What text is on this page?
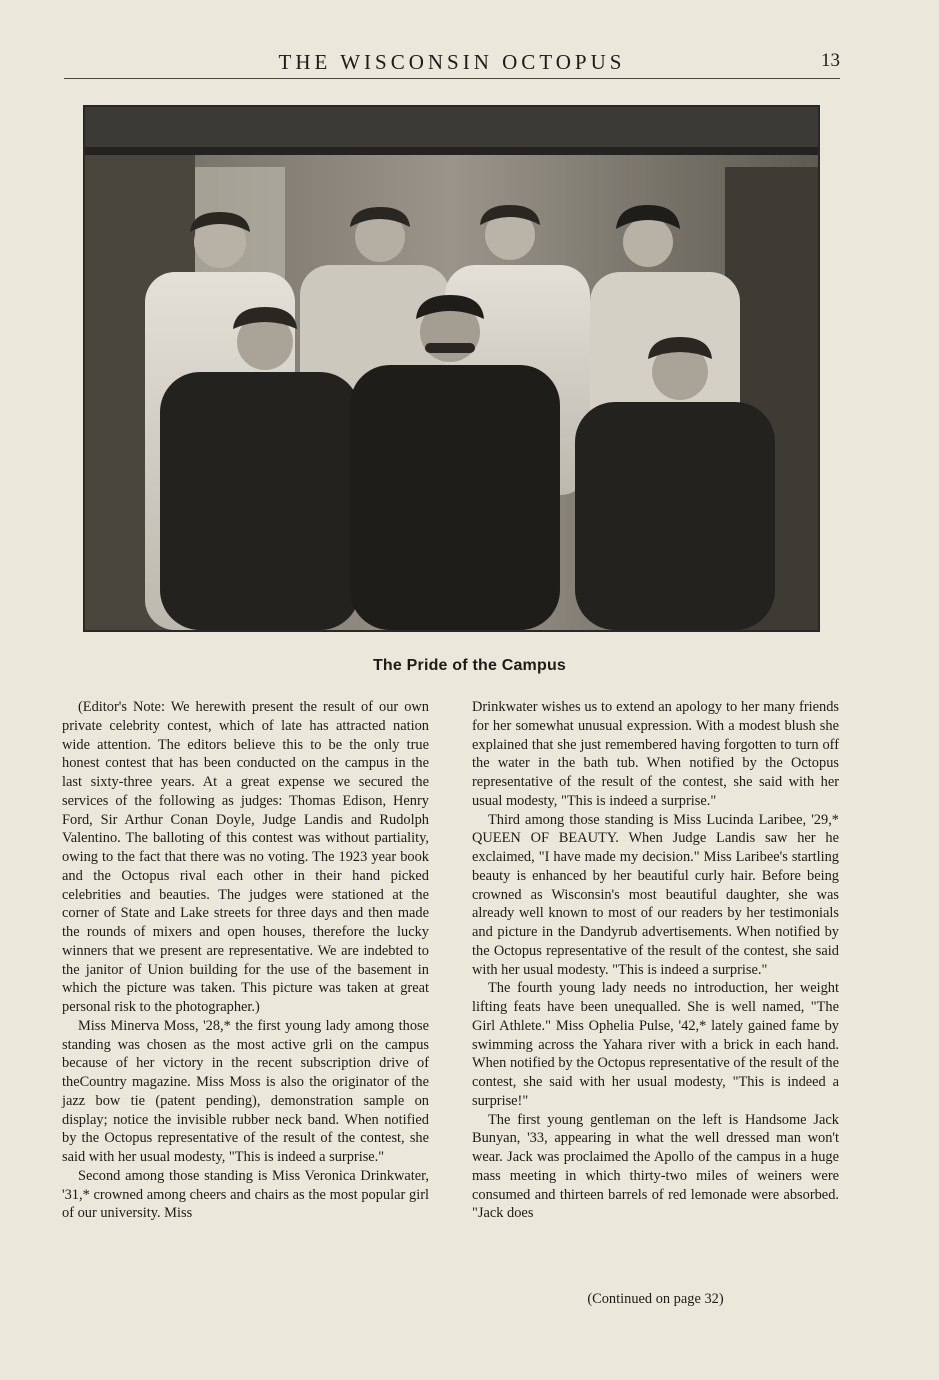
THE WISCONSIN OCTOPUS	13
The Pride of the Campus

(Editor's Note: We herewith present the result of our own private celebrity contest, which of late has attracted nation wide attention. The editors believe this to be the only true honest contest that has been conducted on the campus in the last sixty-three years. At a great expense we secured the services of the following as judges: Thomas Edison, Henry Ford, Sir Arthur Conan Doyle, Judge Landis and Rudolph Valentino. The balloting of this contest was without partiality, owing to the fact that there was no voting. The 1923 year book and the Octopus rival each other in their hand picked celebrities and beauties. The judges were stationed at the corner of State and Lake streets for three days and then made the rounds of mixers and open houses, therefore the lucky winners that we present are representative. We are indebted to the janitor of Union building for the use of the basement in which the picture was taken. This picture was taken at great personal risk to the photographer.)

Miss Minerva Moss, '28,* the first young lady among those standing was chosen as the most active grli on the campus because of her victory in the recent subscription drive of theCountry magazine. Miss Moss is also the originator of the jazz bow tie (patent pending), demonstration sample on display; notice the invisible rubber neck band. When notified by the Octopus representative of the result of the contest, she said with her usual modesty, "This is indeed a surprise."

Second among those standing is Miss Veronica Drinkwater, '31,* crowned among cheers and chairs as the most popular girl of our university. Miss

Drinkwater wishes us to extend an apology to her many friends for her somewhat unusual expression. With a modest blush she explained that she just remembered having forgotten to turn off the water in the bath tub. When notified by the Octopus representative of the result of the contest, she said with her usual modesty, "This is indeed a surprise."

Third among those standing is Miss Lucinda Laribee, '29,* QUEEN OF BEAUTY. When Judge Landis saw her he exclaimed, "I have made my decision." Miss Laribee's startling beauty is enhanced by her beautiful curly hair. Before being crowned as Wisconsin's most beautiful daughter, she was already well known to most of our readers by her testimonials and picture in the Dandyrub advertisements. When notified by the Octopus representative of the result of the contest, she said with her usual modesty. "This is indeed a surprise."

The fourth young lady needs no introduction, her weight lifting feats have been unequalled. She is well named, "The Girl Athlete." Miss Ophelia Pulse, '42,* lately gained fame by swimming across the Yahara river with a brick in each hand. When notified by the Octopus representative of the result of the contest, she said with her usual modesty, "This is indeed a surprise!"

The first young gentleman on the left is Handsome Jack Bunyan, '33, appearing in what the well dressed man won't wear. Jack was proclaimed the Apollo of the campus in a huge mass meeting in which thirty-two miles of weiners were consumed and thirteen barrels of red lemonade were absorbed. "Jack does

(Continued on page 32)
